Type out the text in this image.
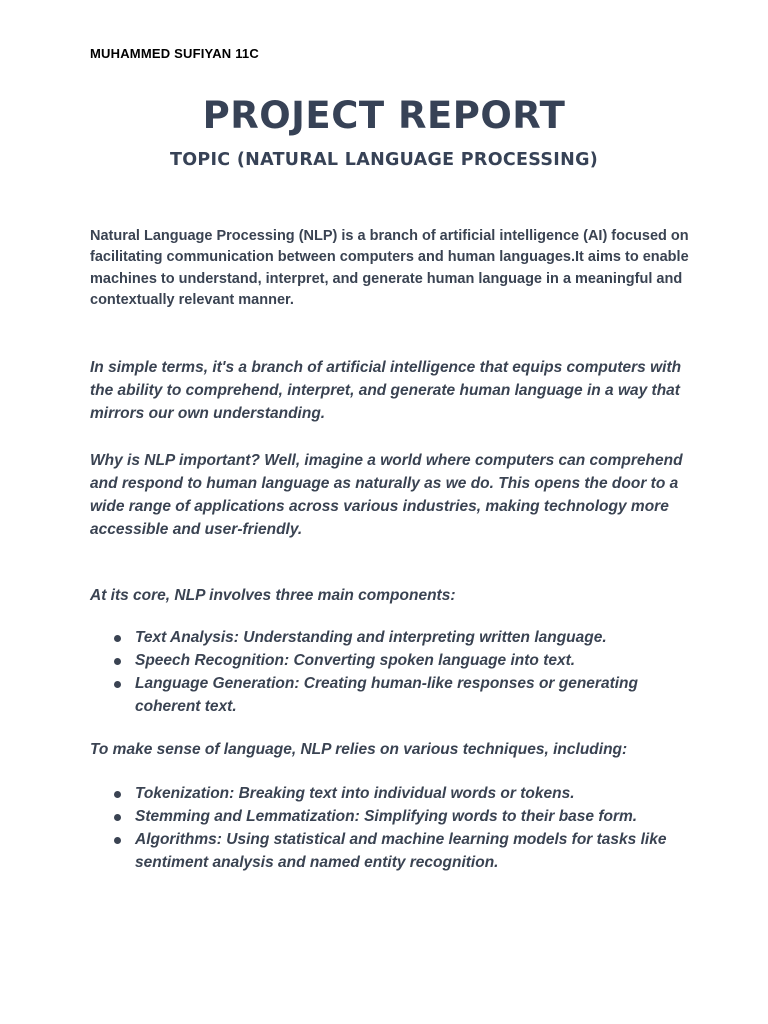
MUHAMMED SUFIYAN 11C

PROJECT REPORT
TOPIC (NATURAL LANGUAGE PROCESSING)

Natural Language Processing (NLP) is a branch of artificial intelligence (AI) focused on facilitating communication between computers and human languages.It aims to enable machines to understand, interpret, and generate human language in a meaningful and contextually relevant manner.

In simple terms, it's a branch of artificial intelligence that equips computers with the ability to comprehend, interpret, and generate human language in a way that mirrors our own understanding.

Why is NLP important? Well, imagine a world where computers can comprehend and respond to human language as naturally as we do. This opens the door to a wide range of applications across various industries, making technology more accessible and user-friendly.

At its core, NLP involves three main components:

Text Analysis: Understanding and interpreting written language.
Speech Recognition: Converting spoken language into text.
Language Generation: Creating human-like responses or generating coherent text.

To make sense of language, NLP relies on various techniques, including:

Tokenization: Breaking text into individual words or tokens.
Stemming and Lemmatization: Simplifying words to their base form.
Algorithms: Using statistical and machine learning models for tasks like sentiment analysis and named entity recognition.
